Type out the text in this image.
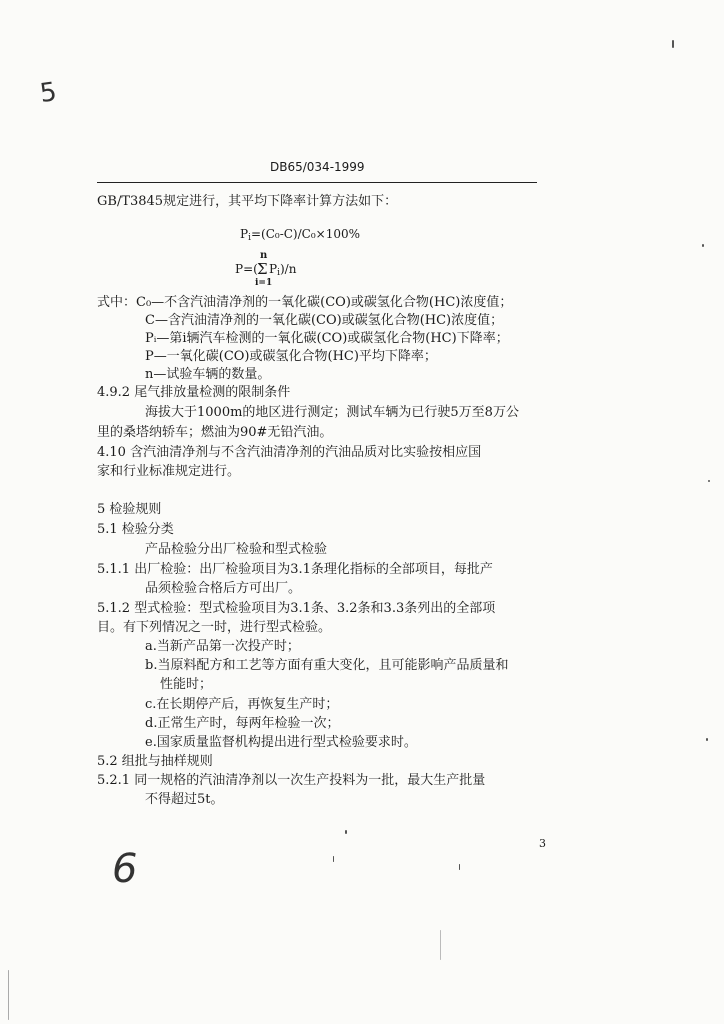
5
6
DB65/034-1999
GB/T3845规定进行，其平均下降率计算方法如下：
$P_i=(C_0-C)/C_0\times 100\%$
P=(
n
Σ
i=1
$P_i)/n$
式中：C₀—不含汽油清净剂的一氧化碳(CO)或碳氢化合物(HC)浓度值；
C—含汽油清净剂的一氧化碳(CO)或碳氢化合物(HC)浓度值；
Pᵢ—第i辆汽车检测的一氧化碳(CO)或碳氢化合物(HC)下降率；
P—一氧化碳(CO)或碳氢化合物(HC)平均下降率；
n—试验车辆的数量。
4.9.2 尾气排放量检测的限制条件
海拔大于1000m的地区进行测定；测试车辆为已行驶5万至8万公
里的桑塔纳轿车；燃油为90#无铅汽油。
4.10 含汽油清净剂与不含汽油清净剂的汽油品质对比实验按相应国
家和行业标准规定进行。
5 检验规则
5.1 检验分类
产品检验分出厂检验和型式检验
5.1.1 出厂检验：出厂检验项目为3.1条理化指标的全部项目，每批产
品须检验合格后方可出厂。
5.1.2 型式检验：型式检验项目为3.1条、3.2条和3.3条列出的全部项
目。有下列情况之一时，进行型式检验。
a.当新产品第一次投产时；
b.当原料配方和工艺等方面有重大变化，且可能影响产品质量和
性能时；
c.在长期停产后，再恢复生产时；
d.正常生产时，每两年检验一次；
e.国家质量监督机构提出进行型式检验要求时。
5.2 组批与抽样规则
5.2.1 同一规格的汽油清净剂以一次生产投料为一批，最大生产批量
不得超过5t。
3
